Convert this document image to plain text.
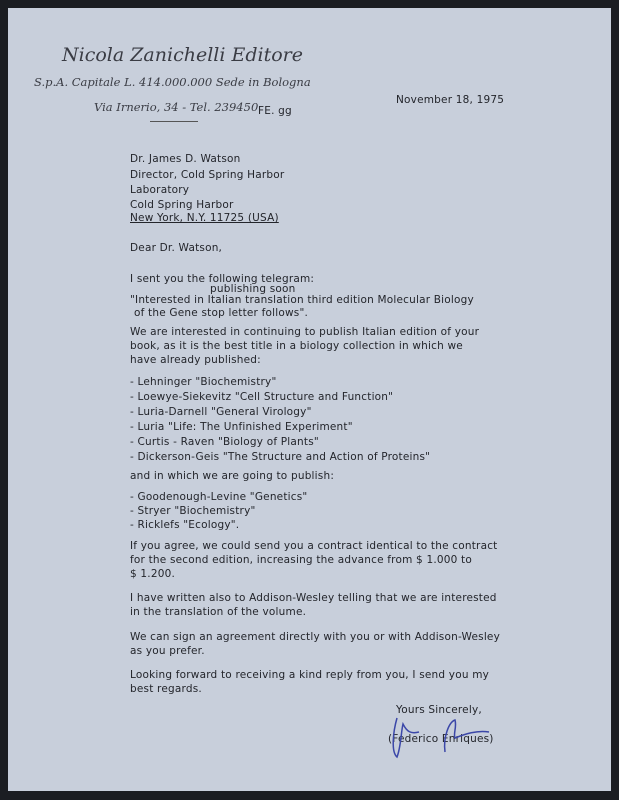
Nicola Zanichelli Editore
S.p.A. Capitale L. 414.000.000 Sede in Bologna
Via Irnerio, 34 - Tel. 239450 FE. gg
November 18, 1975
Dr. James D. Watson
Director, Cold Spring Harbor
Laboratory
Cold Spring Harbor
New York, N.Y. 11725 (USA)
Dear Dr. Watson,
I sent you the following telegram:
publishing soon
"Interested in Italian translation third edition Molecular Biology
of the Gene stop letter follows".
We are interested in continuing to publish Italian edition of your
book, as it is the best title in a biology collection in which we
have already published:
- Lehninger "Biochemistry"
- Loewye-Siekevitz "Cell Structure and Function"
- Luria-Darnell "General Virology"
- Luria "Life: The Unfinished Experiment"
- Curtis - Raven "Biology of Plants"
- Dickerson-Geis "The Structure and Action of Proteins"
and in which we are going to publish:
- Goodenough-Levine "Genetics"
- Stryer "Biochemistry"
- Ricklefs "Ecology".
If you agree, we could send you a contract identical to the contract
for the second edition, increasing the advance from $ 1.000 to
$ 1.200.
I have written also to Addison-Wesley telling that we are interested
in the translation of the volume.
We can sign an agreement directly with you or with Addison-Wesley
as you prefer.
Looking forward to receiving a kind reply from you, I send you my
best regards.
Yours Sincerely,
(Federico Enriques)
